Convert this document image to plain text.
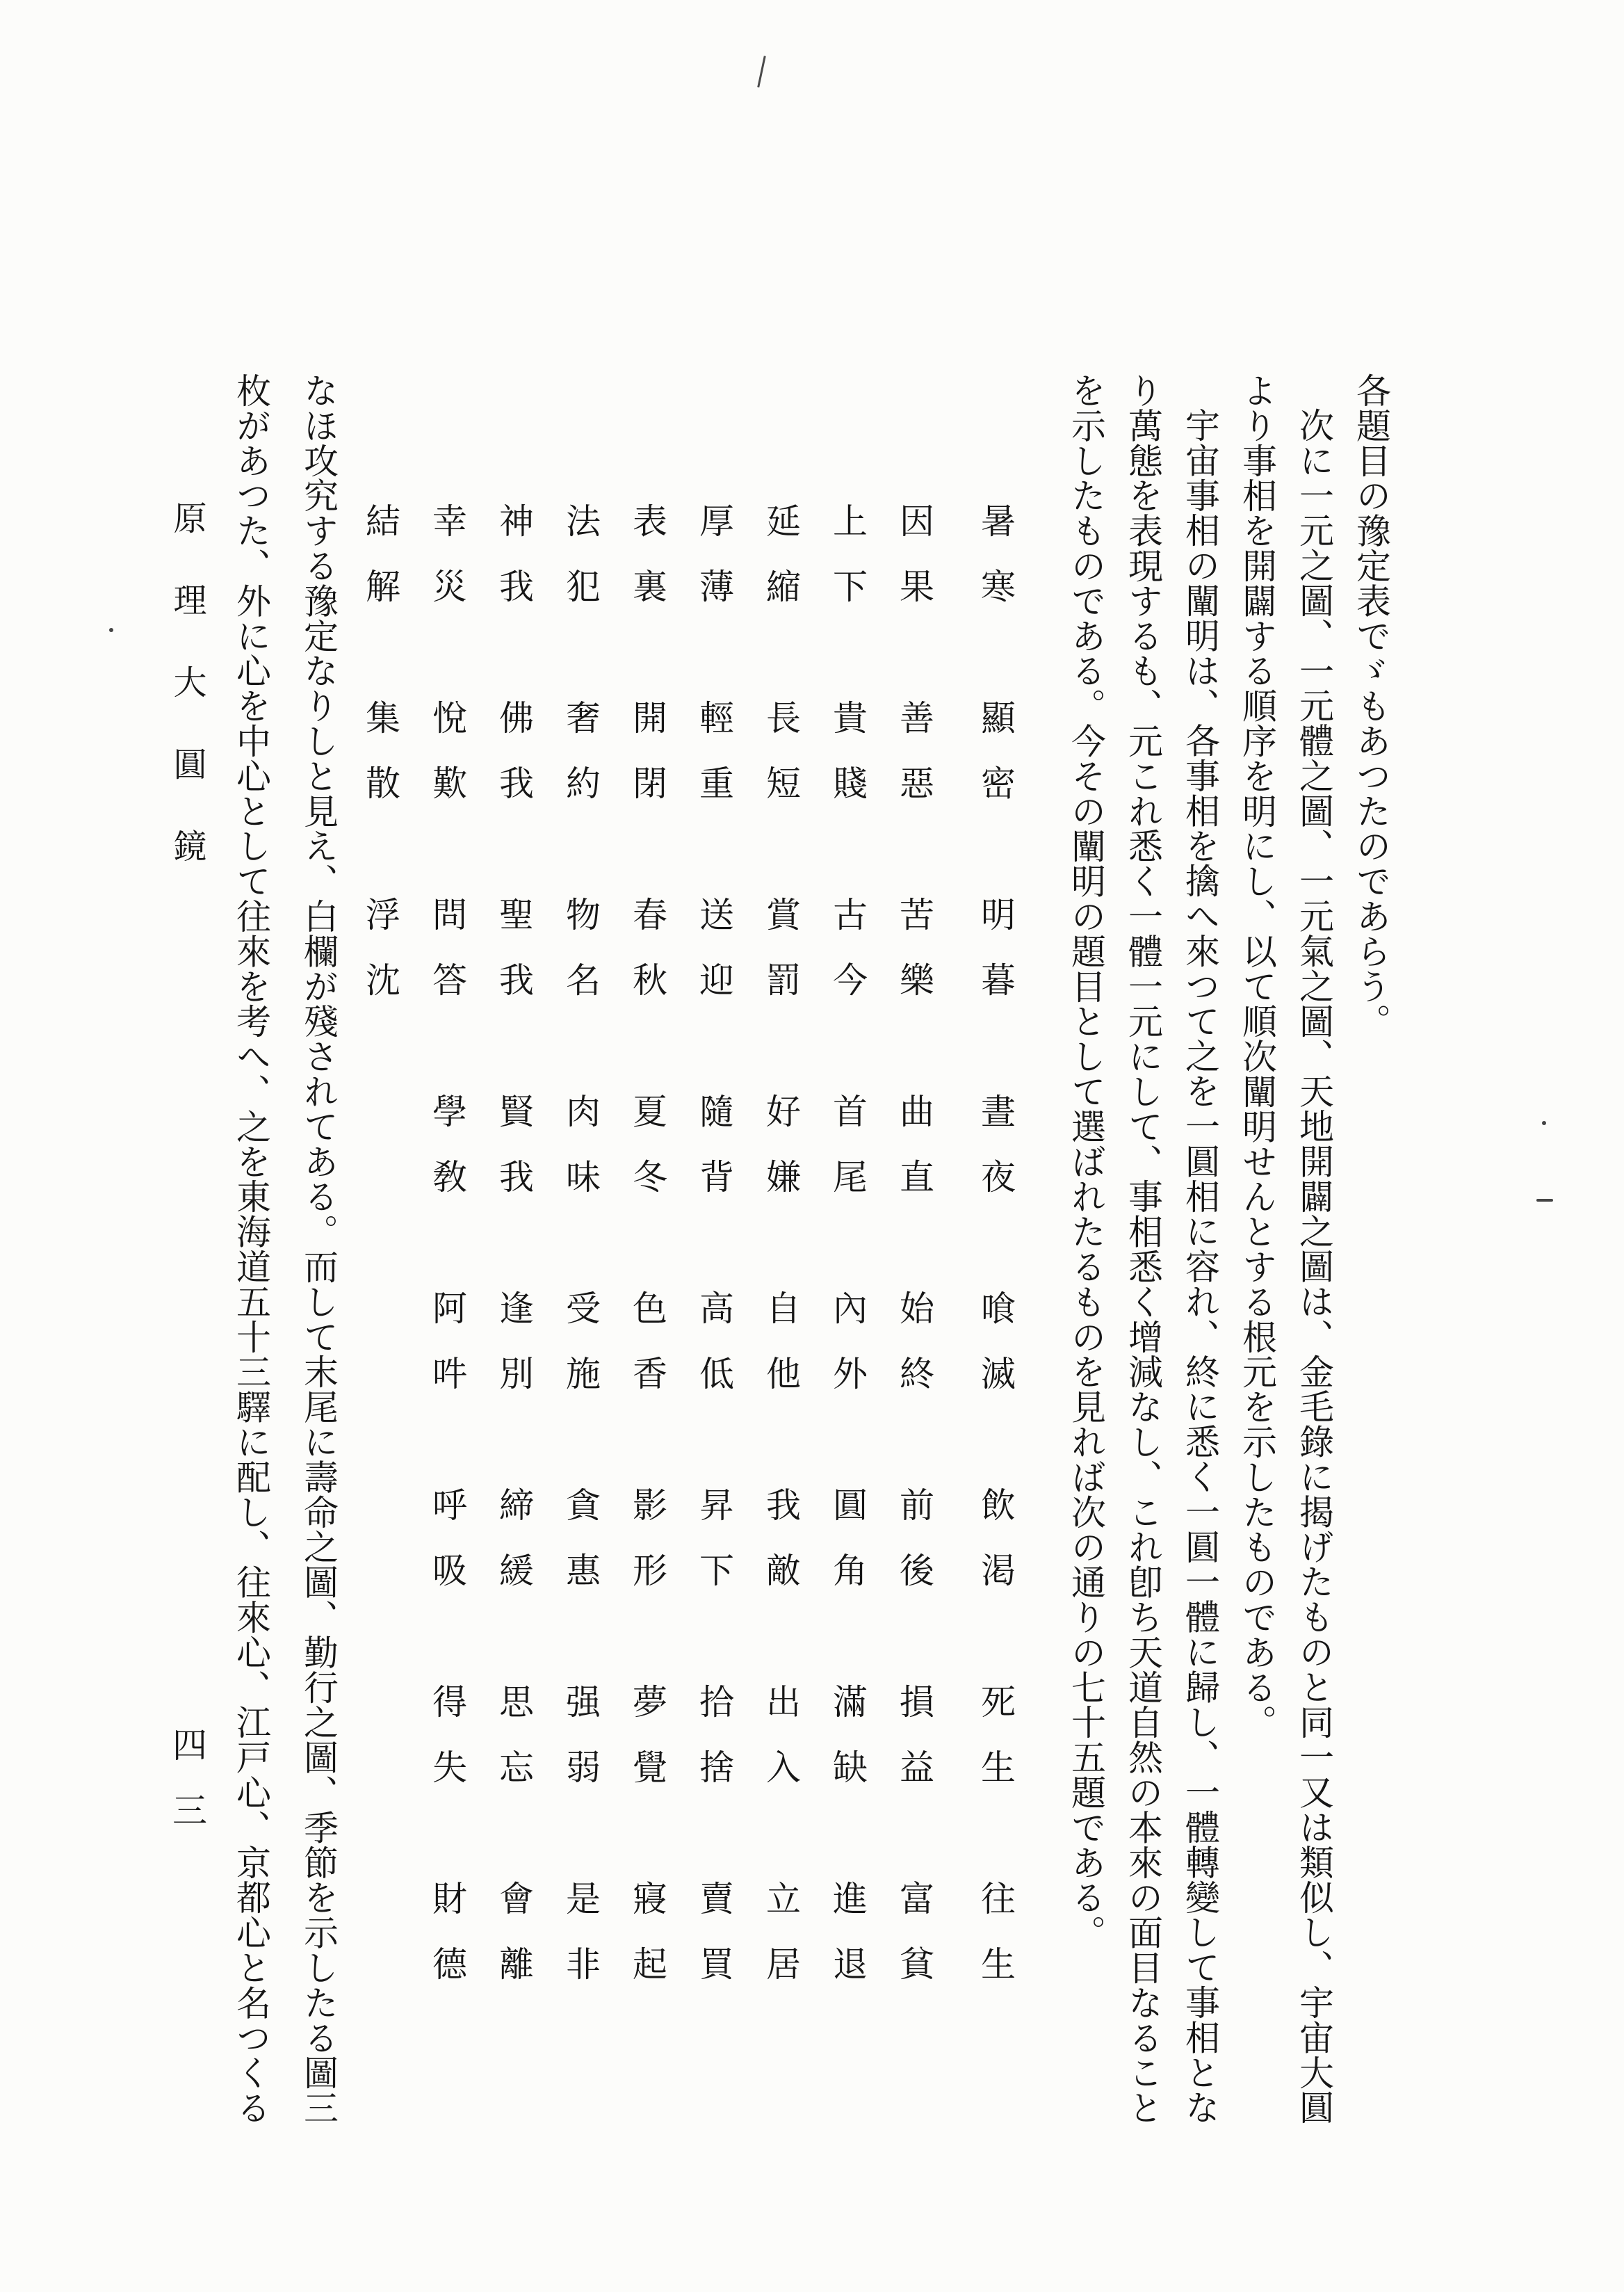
各題目の豫定表でゞもあつたのであらう。
次に一元之圖、一元體之圖、一元氣之圖、天地開闢之圖は、金毛錄に揭げたものと同一又は類似し、宇宙大圓
より事相を開闢する順序を明にし、以て順次闡明せんとする根元を示したものである。
宇宙事相の闡明は、各事相を擒へ來つて之を一圓相に容れ、終に悉く一圓一體に歸し、一體轉變して事相とな
り萬態を表現するも、元これ悉く一體一元にして、事相悉く增減なし、これ卽ち天道自然の本來の面目なること
を示したものである。今その闡明の題目として選ばれたるものを見れば次の通りの七十五題である。
暑寒
顯密
明暮
晝夜
喰滅
飲渇
死生
往生
因果
善惡
苦樂
曲直
始終
前後
損益
富貧
上下
貴賤
古今
首尾
內外
圓角
滿缺
進退
延縮
長短
賞罰
好嫌
自他
我敵
出入
立居
厚薄
輕重
送迎
隨背
高低
昇下
拾捨
賣買
表裏
開閉
春秋
夏冬
色香
影形
夢覺
寢起
法犯
奢約
物名
肉味
受施
貪惠
强弱
是非
神我
佛我
聖我
賢我
逢別
締緩
思忘
會離
幸災
悅歎
問答
學敎
阿吽
呼吸
得失
財德
結解
集散
浮沈
なほ攻究する豫定なりしと見え、白欄が殘されてある。而して末尾に壽命之圖、勤行之圖、季節を示したる圖三
枚があつた、外に心を中心として往來を考へ、之を東海道五十三驛に配し、往來心、江戸心、京都心と名つくる
原理大圓鏡
四三
